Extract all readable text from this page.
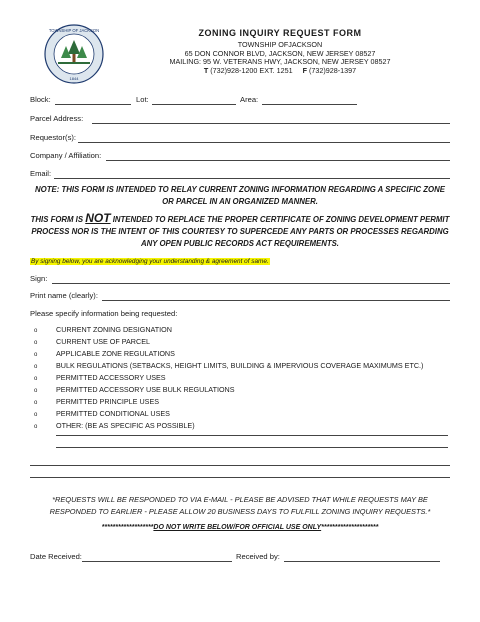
TOWNSHIP OF JACKSON
1844
ZONING INQUIRY REQUEST FORM
TOWNSHIP OFJACKSON
65 DON CONNOR BLVD, JACKSON, NEW JERSEY 08527
MAILING: 95 W. VETERANS HWY, JACKSON, NEW JERSEY 08527
T (732)928-1200 EXT. 1251 F (732)928-1397
Block:	Lot:	Area:
Parcel Address:
Requestor(s):
Company / Affiliation:
Email:
NOTE: THIS FORM IS INTENDED TO RELAY CURRENT ZONING INFORMATION REGARDING A SPECIFIC ZONE OR PARCEL IN AN ORGANIZED MANNER.
THIS FORM IS NOT INTENDED TO REPLACE THE PROPER CERTIFICATE OF ZONING DEVELOPMENT PERMIT PROCESS NOR IS THE INTENT OF THIS COURTESY TO SUPERCEDE ANY PARTS OR PROCESSES REGARDING ANY OPEN PUBLIC RECORDS ACT REQUIREMENTS.
By signing below, you are acknowledging your understanding & agreement of same.
Sign:
Print name (clearly):
Please specify information being requested:
o	CURRENT ZONING DESIGNATION
o	CURRENT USE OF PARCEL
o	APPLICABLE ZONE REGULATIONS
o	BULK REGULATIONS (SETBACKS, HEIGHT LIMITS, BUILDING & IMPERVIOUS COVERAGE MAXIMUMS ETC.)
o	PERMITTED ACCESSORY USES
o	PERMITTED ACCESSORY USE BULK REGULATIONS
o	PERMITTED PRINCIPLE USES
o	PERMITTED CONDITIONAL USES
o	OTHER: (BE AS SPECIFIC AS POSSIBLE)
*REQUESTS WILL BE RESPONDED TO VIA E-MAIL - PLEASE BE ADVISED THAT WHILE REQUESTS MAY BE RESPONDED TO EARLIER - PLEASE ALLOW 20 BUSINESS DAYS TO FULFILL ZONING INQUIRY REQUESTS.*
*******************DO NOT WRITE BELOW/FOR OFFICIAL USE ONLY*********************
Date Received:	Received by:
